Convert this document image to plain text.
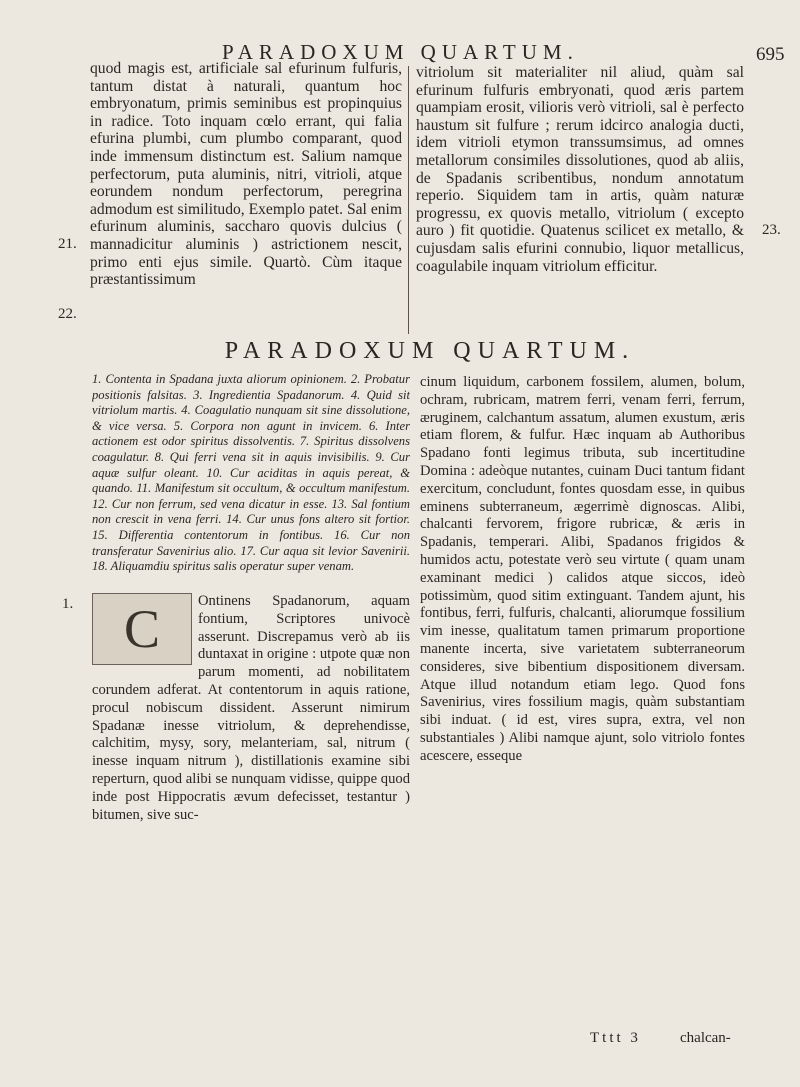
PARADOXUM QUARTUM.	695

quod magis est, artificiale sal efurinum fulfuris, tantum distat à naturali, quantum hoc embryonatum, primis seminibus est propinquius in radice. Toto inquam cœlo errant, qui falia efurina plumbi, cum plumbo comparant, quod inde immensum distinctum est. Salium namque perfectorum, puta aluminis, nitri, vitrioli, atque eorundem nondum perfectorum, peregrina admodum est similitudo, Exemplo patet. Sal enim efurinum aluminis, saccharo quovis dulcius ( mannadicitur aluminis ) astrictionem nescit, primo enti ejus simile. Quartò. Cùm itaque præstantissimum

vitriolum sit materialiter nil aliud, quàm sal efurinum fulfuris embryonati, quod æris partem quampiam erosit, vilioris verò vitrioli, sal è perfecto haustum sit fulfure ; rerum idcirco analogia ducti, idem vitrioli etymon transsumsimus, ad omnes metallorum consimiles dissolutiones, quod ab aliis, de Spadanis scribentibus, nondum annotatum reperio. Siquidem tam in artis, quàm naturæ progressu, ex quovis metallo, vitriolum ( excepto auro ) fit quotidie. Quatenus scilicet ex metallo, & cujusdam salis efurini connubio, liquor metallicus, coagulabile inquam vitriolum efficitur.

21.
22.
23.
PARADOXUM QUARTUM.

1. Contenta in Spadana juxta aliorum opinionem. 2. Probatur positionis falsitas. 3. Ingredientia Spadanorum. 4. Quid sit vitriolum martis. 4. Coagulatio nunquam sit sine dissolutione, & vice versa. 5. Corpora non agunt in invicem. 6. Inter actionem est odor spiritus dissolventis. 7. Spiritus dissolvens coagulatur. 8. Qui ferri vena sit in aquis invisibilis. 9. Cur aquæ sulfur oleant. 10. Cur aciditas in aquis pereat, & quando. 11. Manifestum sit occultum, & occultum manifestum. 12. Cur non ferrum, sed vena dicatur in esse. 13. Sal fontium non crescit in vena ferri. 14. Cur unus fons altero sit fortior. 15. Differentia contentorum in fontibus. 16. Cur non transferatur Savenirius alio. 17. Cur aqua sit levior Savenirii. 18. Aliquamdiu spiritus salis operatur super venam.

1. C	Ontinens Spadanorum, aquam fontium, Scriptores univocè asserunt. Discrepamus verò ab iis duntaxat in origine : utpote quæ non parum momenti, ad nobilitatem corundem adferat. At contentorum in aquis ratione, procul nobiscum dissident. Asserunt nimirum Spadanæ inesse vitriolum, & deprehendisse, calchitim, mysy, sory, melanteriam, sal, nitrum ( inesse inquam nitrum ), distillationis examine sibi reperturn, quod alibi se nunquam vidisse, quippe quod inde post Hippocratis ævum defecisset, testantur ) bitumen, sive suc-

cinum liquidum, carbonem fossilem, alumen, bolum, ochram, rubricam, matrem ferri, venam ferri, ferrum, æruginem, calchantum assatum, alumen exustum, æris etiam florem, & fulfur. Hæc inquam ab Authoribus Spadano fonti legimus tributa, sub incertitudine Domina : adeòque nutantes, cuinam Duci tantum fidant exercitum, concludunt, fontes quosdam esse, in quibus eminens subterraneum, ægerrimè dignoscas. Alibi, chalcanti fervorem, frigore rubricæ, & æris in Spadanis, temperari. Alibi, Spadanos frigidos & humidos actu, potestate verò seu virtute ( quam unam examinant medici ) calidos atque siccos, ideò potissimùm, quod sitim extinguant. Tandem ajunt, his fontibus, ferri, fulfuris, chalcanti, aliorumque fossilium vim inesse, qualitatum tamen primarum proportione manente incerta, sive varietatem subterraneorum consideres, sive bibentium dispositionem diversam. Atque illud notandum etiam lego. Quod fons Savenirius, vires fossilium magis, quàm substantiam sibi induat. ( id est, vires supra, extra, vel non substantiales ) Alibi namque ajunt, solo vitriolo fontes acescere, esseque

Tttt 3	chalcan-
